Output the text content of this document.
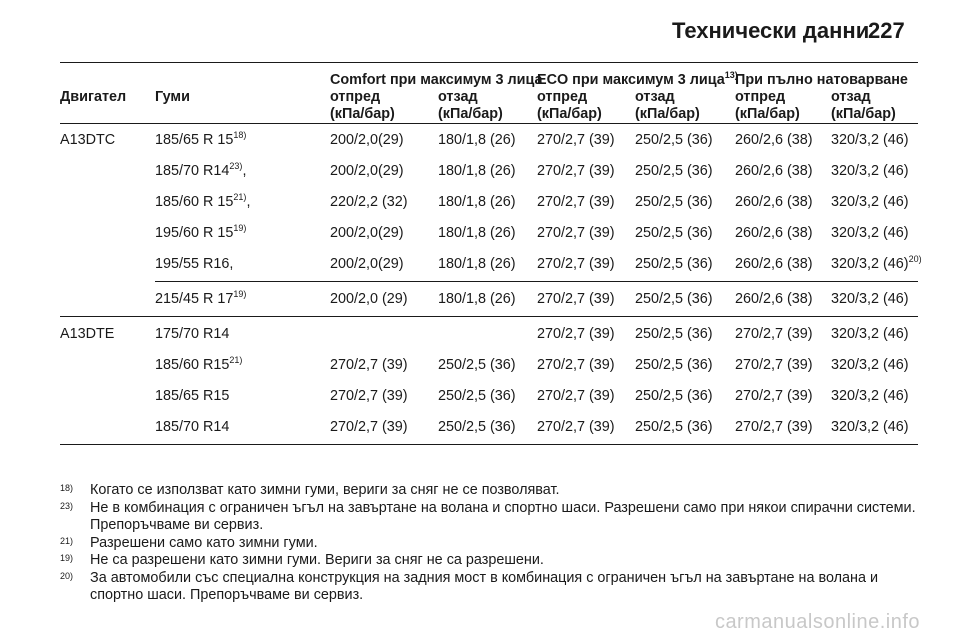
Технически данни
227

		Comfort при максимум 3 лица		ECO при максимум 3 лица$^{13)}$		При пълно натоварване	
Двигател	Гуми	отпред	отзад	отпред	отзад	отпред	отзад
		(кПа/бар)	(кПа/бар)	(кПа/бар)	(кПа/бар)	(кПа/бар)	(кПа/бар)
A13DTC	185/65 R 15$^{18)}$	200/2,0(29)	180/1,8 (26)	270/2,7 (39)	250/2,5 (36)	260/2,6 (38)	320/3,2 (46)
	185/70 R14$^{23)}$,	200/2,0(29)	180/1,8 (26)	270/2,7 (39)	250/2,5 (36)	260/2,6 (38)	320/3,2 (46)
	185/60 R 15$^{21)}$,	220/2,2 (32)	180/1,8 (26)	270/2,7 (39)	250/2,5 (36)	260/2,6 (38)	320/3,2 (46)
	195/60 R 15$^{19)}$	200/2,0(29)	180/1,8 (26)	270/2,7 (39)	250/2,5 (36)	260/2,6 (38)	320/3,2 (46)
	195/55 R16,	200/2,0(29)	180/1,8 (26)	270/2,7 (39)	250/2,5 (36)	260/2,6 (38)	320/3,2 $(46)^{20)}$
	215/45 R 17$^{19)}$	200/2,0 (29)	180/1,8 (26)	270/2,7 (39)	250/2,5 (36)	260/2,6 (38)	320/3,2 (46)
A13DTE	175/70 R14			270/2,7 (39)	250/2,5 (36)	270/2,7 (39)	320/3,2 (46)
	185/60 R15$^{21)}$	270/2,7 (39)	250/2,5 (36)	270/2,7 (39)	250/2,5 (36)	270/2,7 (39)	320/3,2 (46)
	185/65 R15	270/2,7 (39)	250/2,5 (36)	270/2,7 (39)	250/2,5 (36)	270/2,7 (39)	320/3,2 (46)
	185/70 R14	270/2,7 (39)	250/2,5 (36)	270/2,7 (39)	250/2,5 (36)	270/2,7 (39)	320/3,2 (46)
18)	Когато се използват като зимни гуми, вериги за сняг не се позволяват.
23)	Не в комбинация с ограничен ъгъл на завъртане на волана и спортно шаси. Разрешени само при някои спирачни системи. Препоръчваме ви сервиз.
21)	Разрешени само като зимни гуми.
19)	Не са разрешени като зимни гуми. Вериги за сняг не са разрешени.
20)	За автомобили със специална конструкция на задния мост в комбинация с ограничен ъгъл на завъртане на волана и спортно шаси. Препоръчваме ви сервиз.
carmanualsonline.info
